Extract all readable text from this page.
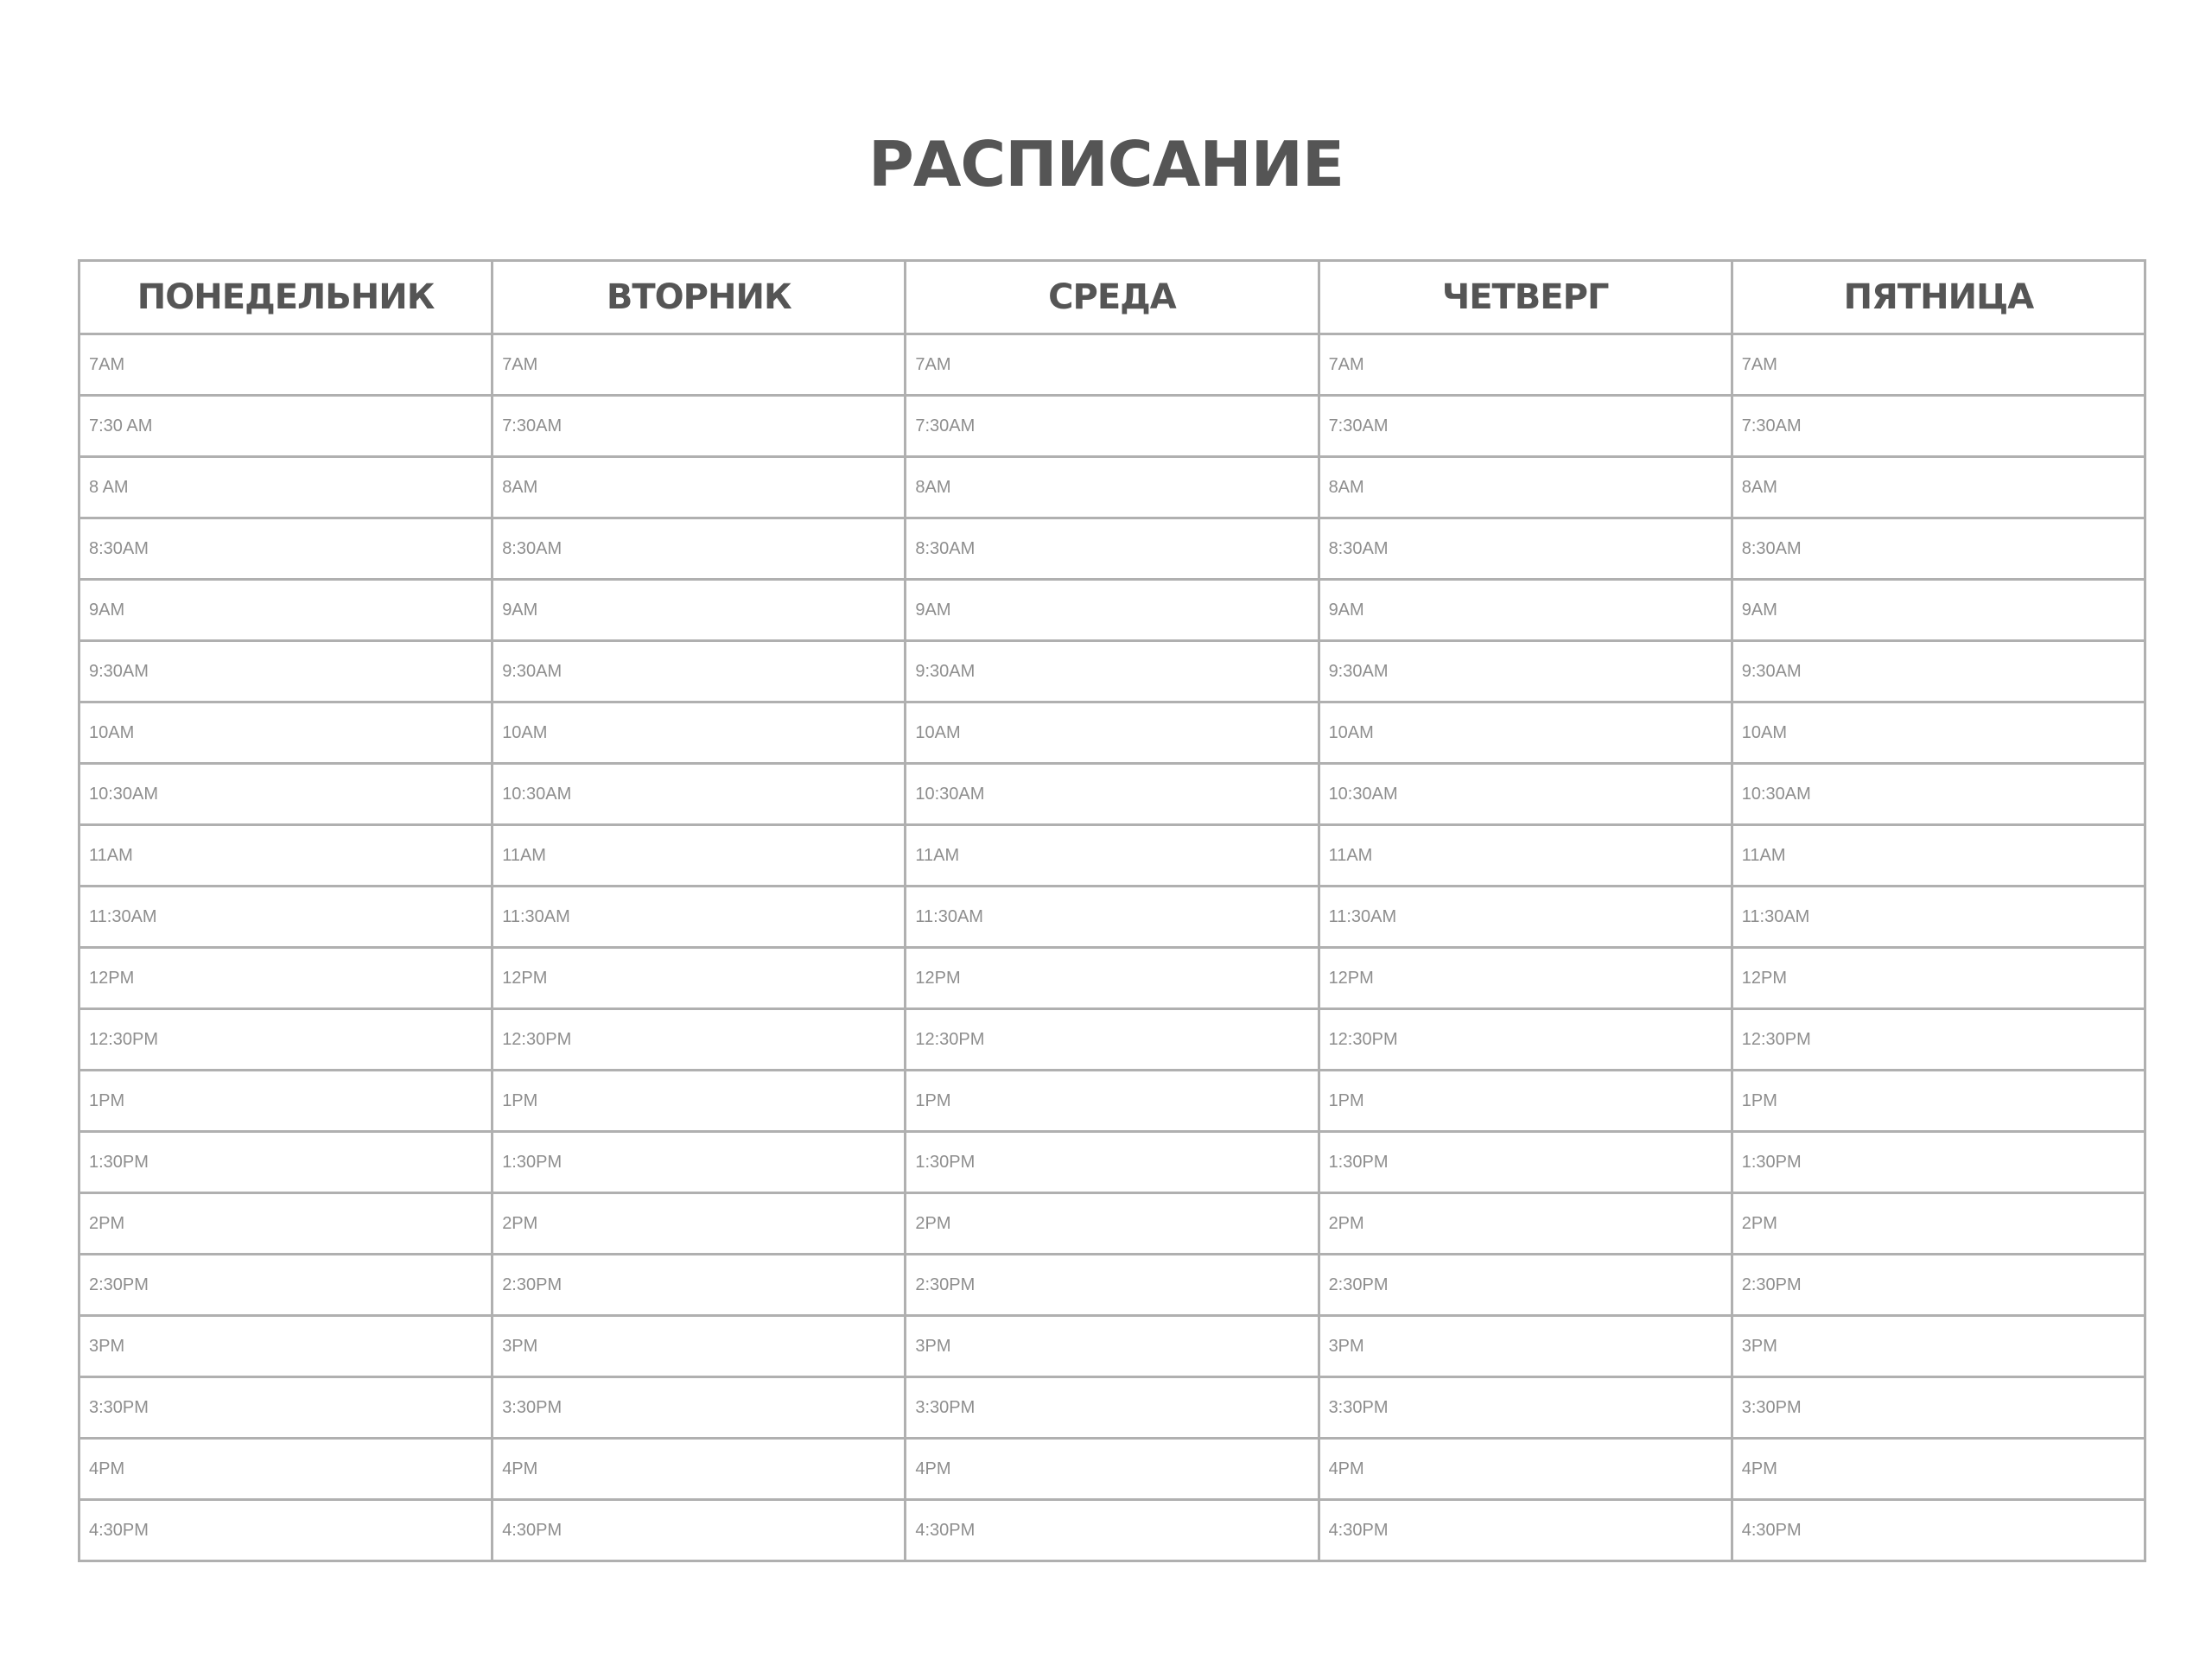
РАСПИСАНИЕ
ПОНЕДЕЛЬНИК	ВТОРНИК	СРЕДА	ЧЕТВЕРГ	ПЯТНИЦА
7AM	7AM	7AM	7AM	7AM
7:30 AM	7:30AM	7:30AM	7:30AM	7:30AM
8 AM	8AM	8AM	8AM	8AM
8:30AM	8:30AM	8:30AM	8:30AM	8:30AM
9AM	9AM	9AM	9AM	9AM
9:30AM	9:30AM	9:30AM	9:30AM	9:30AM
10AM	10AM	10AM	10AM	10AM
10:30AM	10:30AM	10:30AM	10:30AM	10:30AM
11AM	11AM	11AM	11AM	11AM
11:30AM	11:30AM	11:30AM	11:30AM	11:30AM
12PM	12PM	12PM	12PM	12PM
12:30PM	12:30PM	12:30PM	12:30PM	12:30PM
1PM	1PM	1PM	1PM	1PM
1:30PM	1:30PM	1:30PM	1:30PM	1:30PM
2PM	2PM	2PM	2PM	2PM
2:30PM	2:30PM	2:30PM	2:30PM	2:30PM
3PM	3PM	3PM	3PM	3PM
3:30PM	3:30PM	3:30PM	3:30PM	3:30PM
4PM	4PM	4PM	4PM	4PM
4:30PM	4:30PM	4:30PM	4:30PM	4:30PM
